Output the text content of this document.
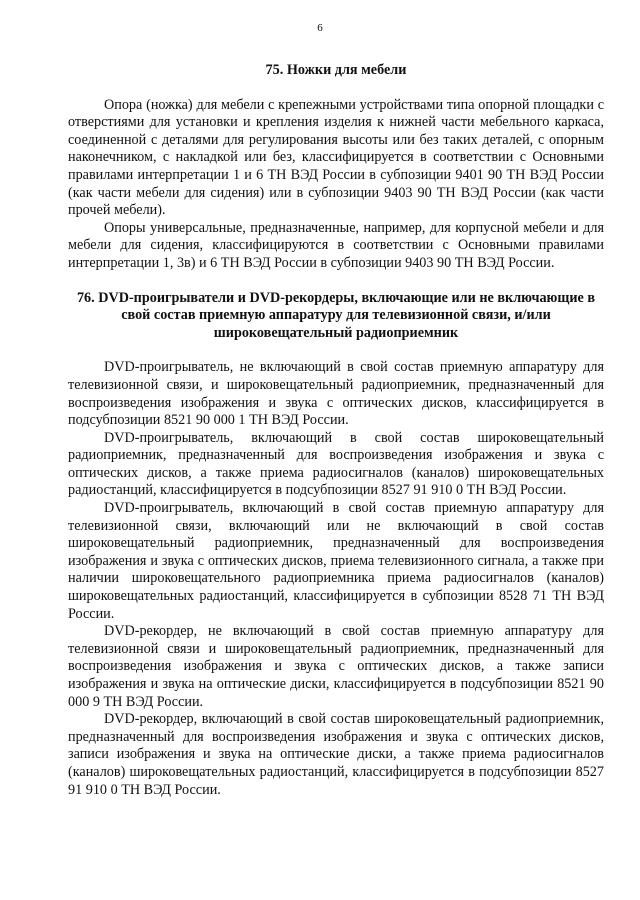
6
75. Ножки для мебели

Опора (ножка) для мебели с крепежными устройствами типа опорной площадки с отверстиями для установки и крепления изделия к нижней части мебельного каркаса, соединенной с деталями для регулирования высоты или без таких деталей, с опорным наконечником, с накладкой или без, классифицируется в соответствии с Основными правилами интерпретации 1 и 6 ТН ВЭД России в субпозиции 9401 90 ТН ВЭД России (как части мебели для сидения) или в субпозиции 9403 90 ТН ВЭД России (как части прочей мебели).

Опоры универсальные, предназначенные, например, для корпусной мебели и для мебели для сидения, классифицируются в соответствии с Основными правилами интерпретации 1, 3в) и 6 ТН ВЭД России в субпозиции 9403 90 ТН ВЭД России.

76. DVD-проигрыватели и DVD-рекордеры, включающие или не включающие в свой состав приемную аппаратуру для телевизионной связи, и/или широковещательный радиоприемник

DVD-проигрыватель, не включающий в свой состав приемную аппаратуру для телевизионной связи, и широковещательный радиоприемник, предназначенный для воспроизведения изображения и звука с оптических дисков, классифицируется в подсубпозиции 8521 90 000 1 ТН ВЭД России.

DVD-проигрыватель, включающий в свой состав широковещательный радиоприемник, предназначенный для воспроизведения изображения и звука с оптических дисков, а также приема радиосигналов (каналов) широковещательных радиостанций, классифицируется в подсубпозиции 8527 91 910 0 ТН ВЭД России.

DVD-проигрыватель, включающий в свой состав приемную аппаратуру для телевизионной связи, включающий или не включающий в свой состав широковещательный радиоприемник, предназначенный для воспроизведения изображения и звука с оптических дисков, приема телевизионного сигнала, а также при наличии широковещательного радиоприемника приема радиосигналов (каналов) широковещательных радиостанций, классифицируется в субпозиции 8528 71 ТН ВЭД России.

DVD-рекордер, не включающий в свой состав приемную аппаратуру для телевизионной связи и широковещательный радиоприемник, предназначенный для воспроизведения изображения и звука с оптических дисков, а также записи изображения и звука на оптические диски, классифицируется в подсубпозиции 8521 90 000 9 ТН ВЭД России.

DVD-рекордер, включающий в свой состав широковещательный радиоприемник, предназначенный для воспроизведения изображения и звука с оптических дисков, записи изображения и звука на оптические диски, а также приема радиосигналов (каналов) широковещательных радиостанций, классифицируется в подсубпозиции 8527 91 910 0 ТН ВЭД России.
